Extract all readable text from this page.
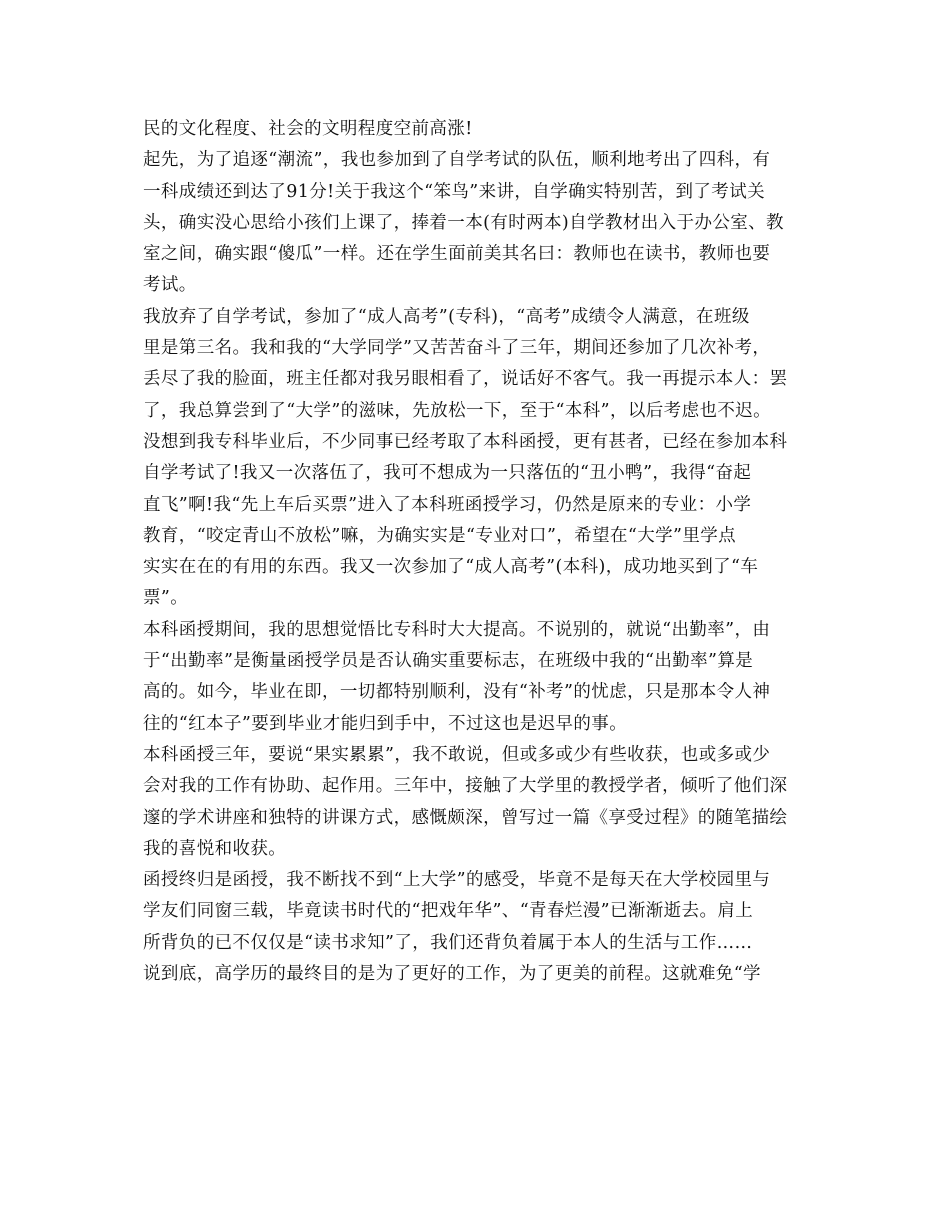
民的文化程度、社会的文明程度空前高涨!
起先，为了追逐“潮流”，我也参加到了自学考试的队伍，顺利地考出了四科，有
一科成绩还到达了91分!关于我这个“笨鸟”来讲，自学确实特别苦，到了考试关
头，确实没心思给小孩们上课了，捧着一本(有时两本)自学教材出入于办公室、教
室之间，确实跟“傻瓜”一样。还在学生面前美其名曰：教师也在读书，教师也要
考试。
我放弃了自学考试，参加了“成人高考”(专科)，“高考”成绩令人满意，在班级
里是第三名。我和我的“大学同学”又苦苦奋斗了三年，期间还参加了几次补考，
丢尽了我的脸面，班主任都对我另眼相看了，说话好不客气。我一再提示本人：罢
了，我总算尝到了“大学”的滋味，先放松一下，至于“本科”，以后考虑也不迟。
没想到我专科毕业后，不少同事已经考取了本科函授，更有甚者，已经在参加本科
自学考试了!我又一次落伍了，我可不想成为一只落伍的“丑小鸭”，我得“奋起
直飞”啊!我“先上车后买票”进入了本科班函授学习，仍然是原来的专业：小学
教育，“咬定青山不放松”嘛，为确实实是“专业对口”，希望在“大学”里学点
实实在在的有用的东西。我又一次参加了“成人高考”(本科)，成功地买到了“车
票”。
本科函授期间，我的思想觉悟比专科时大大提高。不说别的，就说“出勤率”，由
于“出勤率”是衡量函授学员是否认确实重要标志，在班级中我的“出勤率”算是
高的。如今，毕业在即，一切都特别顺利，没有“补考”的忧虑，只是那本令人神
往的“红本子”要到毕业才能归到手中，不过这也是迟早的事。
本科函授三年，要说“果实累累”，我不敢说，但或多或少有些收获，也或多或少
会对我的工作有协助、起作用。三年中，接触了大学里的教授学者，倾听了他们深
邃的学术讲座和独特的讲课方式，感慨颇深，曾写过一篇《享受过程》的随笔描绘
我的喜悦和收获。
函授终归是函授，我不断找不到“上大学”的感受，毕竟不是每天在大学校园里与
学友们同窗三载，毕竟读书时代的“把戏年华”、“青春烂漫”已渐渐逝去。肩上
所背负的已不仅仅是“读书求知”了，我们还背负着属于本人的生活与工作……
说到底，高学历的最终目的是为了更好的工作，为了更美的前程。这就难免“学
